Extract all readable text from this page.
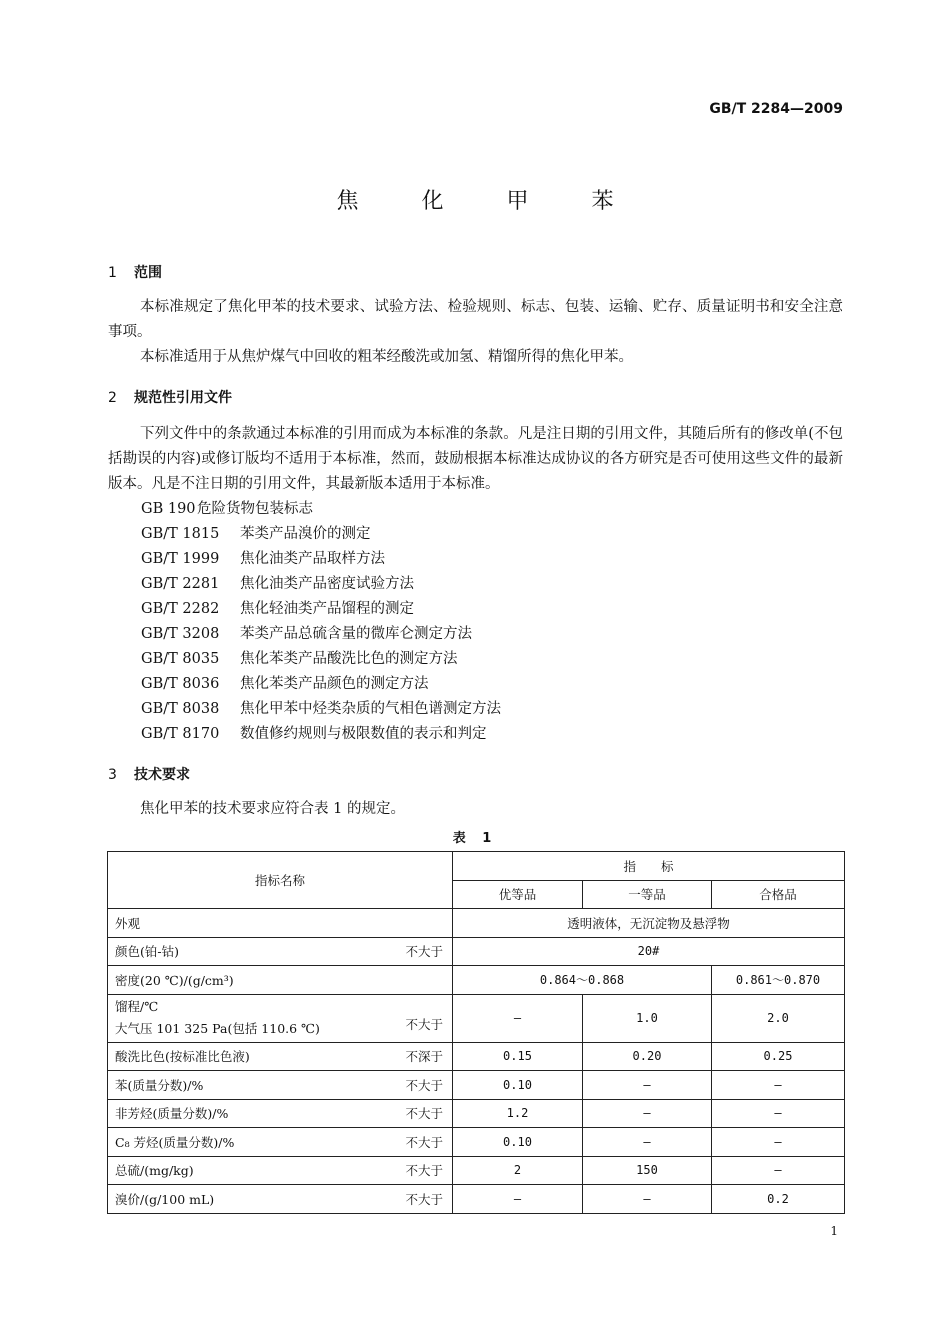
GB/T 2284—2009
焦 化 甲 苯
1 范围
本标准规定了焦化甲苯的技术要求、试验方法、检验规则、标志、包装、运输、贮存、质量证明书和安全注意事项。
本标准适用于从焦炉煤气中回收的粗苯经酸洗或加氢、精馏所得的焦化甲苯。
2 规范性引用文件
下列文件中的条款通过本标准的引用而成为本标准的条款。凡是注日期的引用文件，其随后所有的修改单(不包括勘误的内容)或修订版均不适用于本标准，然而，鼓励根据本标准达成协议的各方研究是否可使用这些文件的最新版本。凡是不注日期的引用文件，其最新版本适用于本标准。
GB 190危险货物包装标志
GB/T 1815 苯类产品溴价的测定
GB/T 1999 焦化油类产品取样方法
GB/T 2281 焦化油类产品密度试验方法
GB/T 2282 焦化轻油类产品馏程的测定
GB/T 3208 苯类产品总硫含量的微库仑测定方法
GB/T 8035 焦化苯类产品酸洗比色的测定方法
GB/T 8036 焦化苯类产品颜色的测定方法
GB/T 8038 焦化甲苯中烃类杂质的气相色谱测定方法
GB/T 8170 数值修约规则与极限数值的表示和判定
3 技术要求
焦化甲苯的技术要求应符合表 1 的规定。
表 1
指标名称	指　　标		
	优等品	一等品	合格品
外观	透明液体，无沉淀物及悬浮物		
颜色(铂-钴) 不大于	20#		
密度(20 ℃)/(g/cm³)	0.864～0.868		0.861～0.870

馏程/℃
大气压 101 325 Pa(包括 110.6 ℃) 不大于	—	1.0	2.0
酸洗比色(按标准比色液) 不深于	0.15	0.20	0.25
苯(质量分数)/% 不大于	0.10	—	—
非芳烃(质量分数)/% 不大于	1.2	—	—
C₈ 芳烃(质量分数)/% 不大于	0.10	—	—
总硫/(mg/kg) 不大于	2	150	—
溴价/(g/100 mL) 不大于	—	—	0.2
1
